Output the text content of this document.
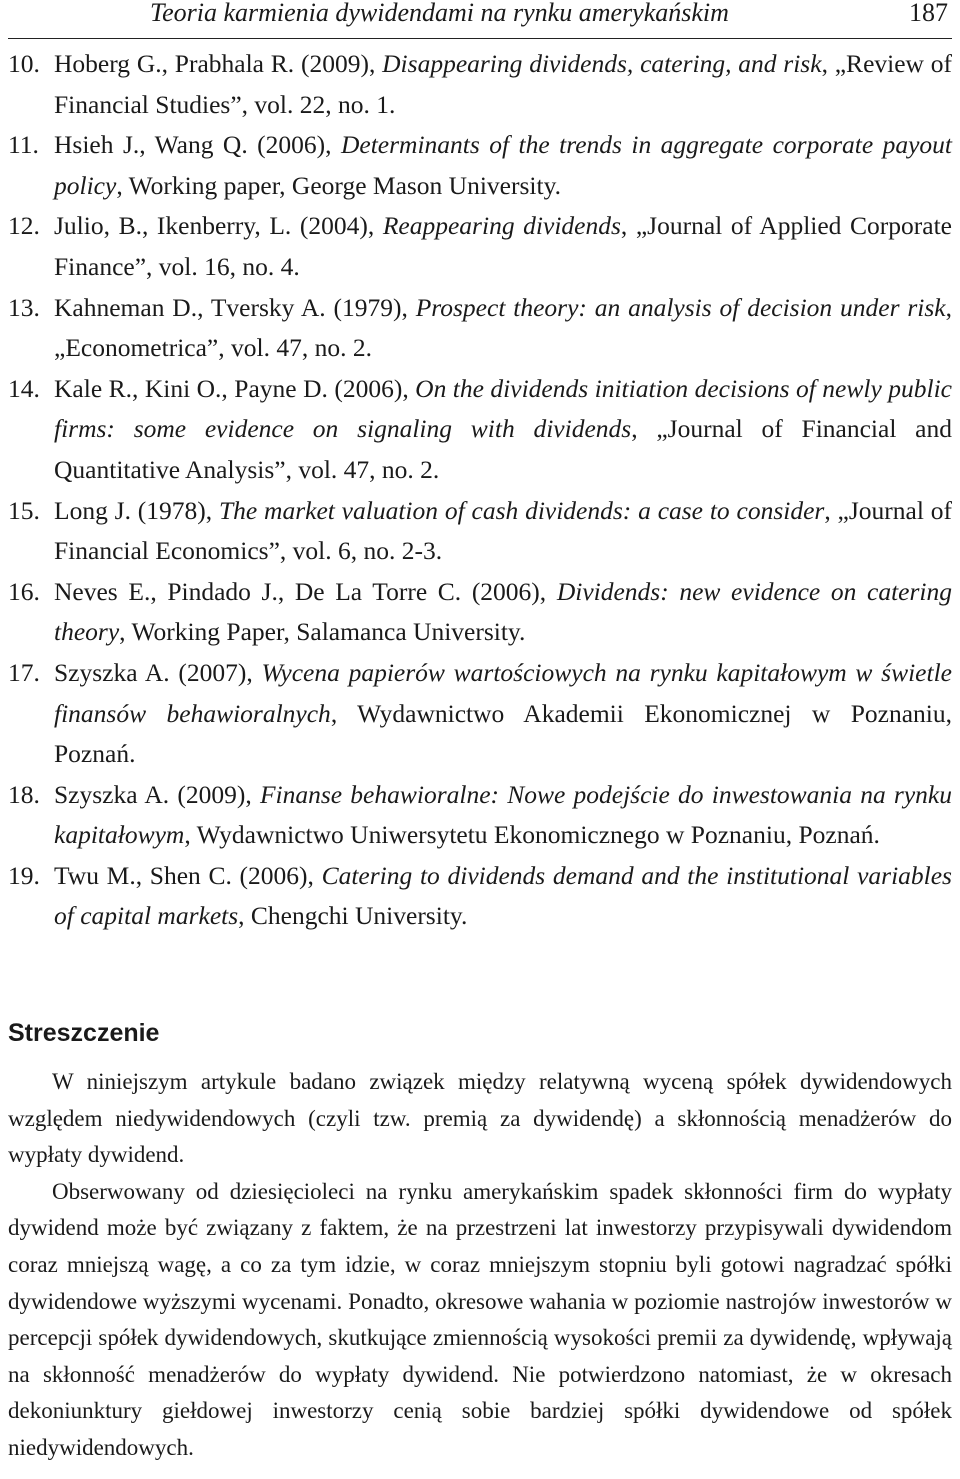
Teoria karmienia dywidendami na rynku amerykańskim	187
10. Hoberg G., Prabhala R. (2009), Disappearing dividends, catering, and risk, „Review of Financial Studies”, vol. 22, no. 1.
11. Hsieh J., Wang Q. (2006), Determinants of the trends in aggregate corporate payout policy, Working paper, George Mason University.
12. Julio, B., Ikenberry, L. (2004), Reappearing dividends, „Journal of Applied Corporate Finance”, vol. 16, no. 4.
13. Kahneman D., Tversky A. (1979), Prospect theory: an analysis of decision under risk, „Econometrica”, vol. 47, no. 2.
14. Kale R., Kini O., Payne D. (2006), On the dividends initiation decisions of newly public firms: some evidence on signaling with dividends, „Journal of Financial and Quantitative Analysis”, vol. 47, no. 2.
15. Long J. (1978), The market valuation of cash dividends: a case to consider, „Journal of Financial Economics”, vol. 6, no. 2-3.
16. Neves E., Pindado J., De La Torre C. (2006), Dividends: new evidence on catering theory, Working Paper, Salamanca University.
17. Szyszka A. (2007), Wycena papierów wartościowych na rynku kapitałowym w świetle finansów behawioralnych, Wydawnictwo Akademii Ekonomicznej w Poznaniu, Poznań.
18. Szyszka A. (2009), Finanse behawioralne: Nowe podejście do inwestowania na rynku kapitałowym, Wydawnictwo Uniwersytetu Ekonomicznego w Poznaniu, Poznań.
19. Twu M., Shen C. (2006), Catering to dividends demand and the institutional variables of capital markets, Chengchi University.
Streszczenie

W niniejszym artykule badano związek między relatywną wyceną spółek dywidendowych względem niedywidendowych (czyli tzw. premią za dywidendę) a skłonnością menadżerów do wypłaty dywidend.

Obserwowany od dziesięcioleci na rynku amerykańskim spadek skłonności firm do wypłaty dywidend może być związany z faktem, że na przestrzeni lat inwestorzy przypisywali dywidendom coraz mniejszą wagę, a co za tym idzie, w coraz mniejszym stopniu byli gotowi nagradzać spółki dywidendowe wyższymi wycenami. Ponadto, okresowe wahania w poziomie nastrojów inwestorów w percepcji spółek dywidendowych, skutkujące zmiennością wysokości premii za dywidendę, wpływają na skłonność menadżerów do wypłaty dywidend. Nie potwierdzono natomiast, że w okresach dekoniunktury giełdowej inwestorzy cenią sobie bardziej spółki dywidendowe od spółek niedywidendowych.
